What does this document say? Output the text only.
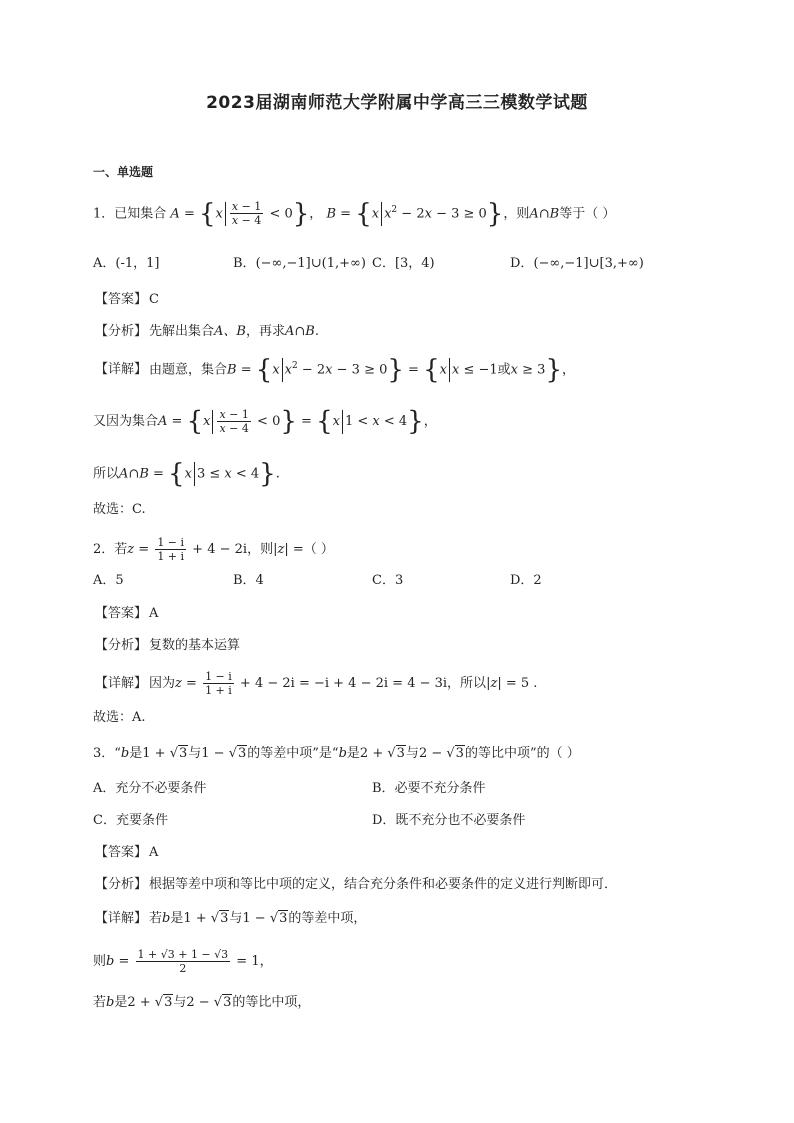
2023届湖南师范大学附属中学高三三模数学试题
一、单选题
1．已知集合 $A = \{x \frac{x - 1}{x - 4} < 0\}$， B = {x $x^2 - 2x - 3 \ge 0$}，则A∩B等于（ ）
A．(-1，1]	B．(−∞,−1]∪(1,+∞) C．[3，4)	D．(−∞,−1]∪[3,+∞)
【答案】 C
【分析】 先解出集合A、B，再求A∩B.
【详解】 由题意，集合B = {x $x^2 - 2x - 3 \ge 0\} = \{x$ x ≤ −1或x ≥ 3}，
又因为集合$A = \{x \frac{x - 1}{x - 4} < 0\} = \{x$ 1 < x < 4}，
所以A∩B = {x 3 ≤ x < 4}.
故选：C.
2．若$z = \frac{1 - i}{1 + i} + 4 - 2i$，则|z| =（ ）
A．5	B．4	C．3	D．2
【答案】 A
【分析】 复数的基本运算
【详解】 因为$z = \frac{1 - i}{1 + i} + 4 - 2i = -i + 4 - 2i = 4 - 3i$，所以|z| = 5 .
故选：A.
3．“b是1 + √3与1 − √3的等差中项”是“b是2 + √3与2 − √3的等比中项”的（ ）
A．充分不必要条件	B．必要不充分条件
C．充要条件	D．既不充分也不必要条件
【答案】 A
【分析】 根据等差中项和等比中项的定义，结合充分条件和必要条件的定义进行判断即可．
【详解】 若b是1 + √3与1 − √3的等差中项，
则$b = \frac{1 + √3 + 1 - √3}{2} = 1$，
若b是2 + √3与2 − √3的等比中项，
